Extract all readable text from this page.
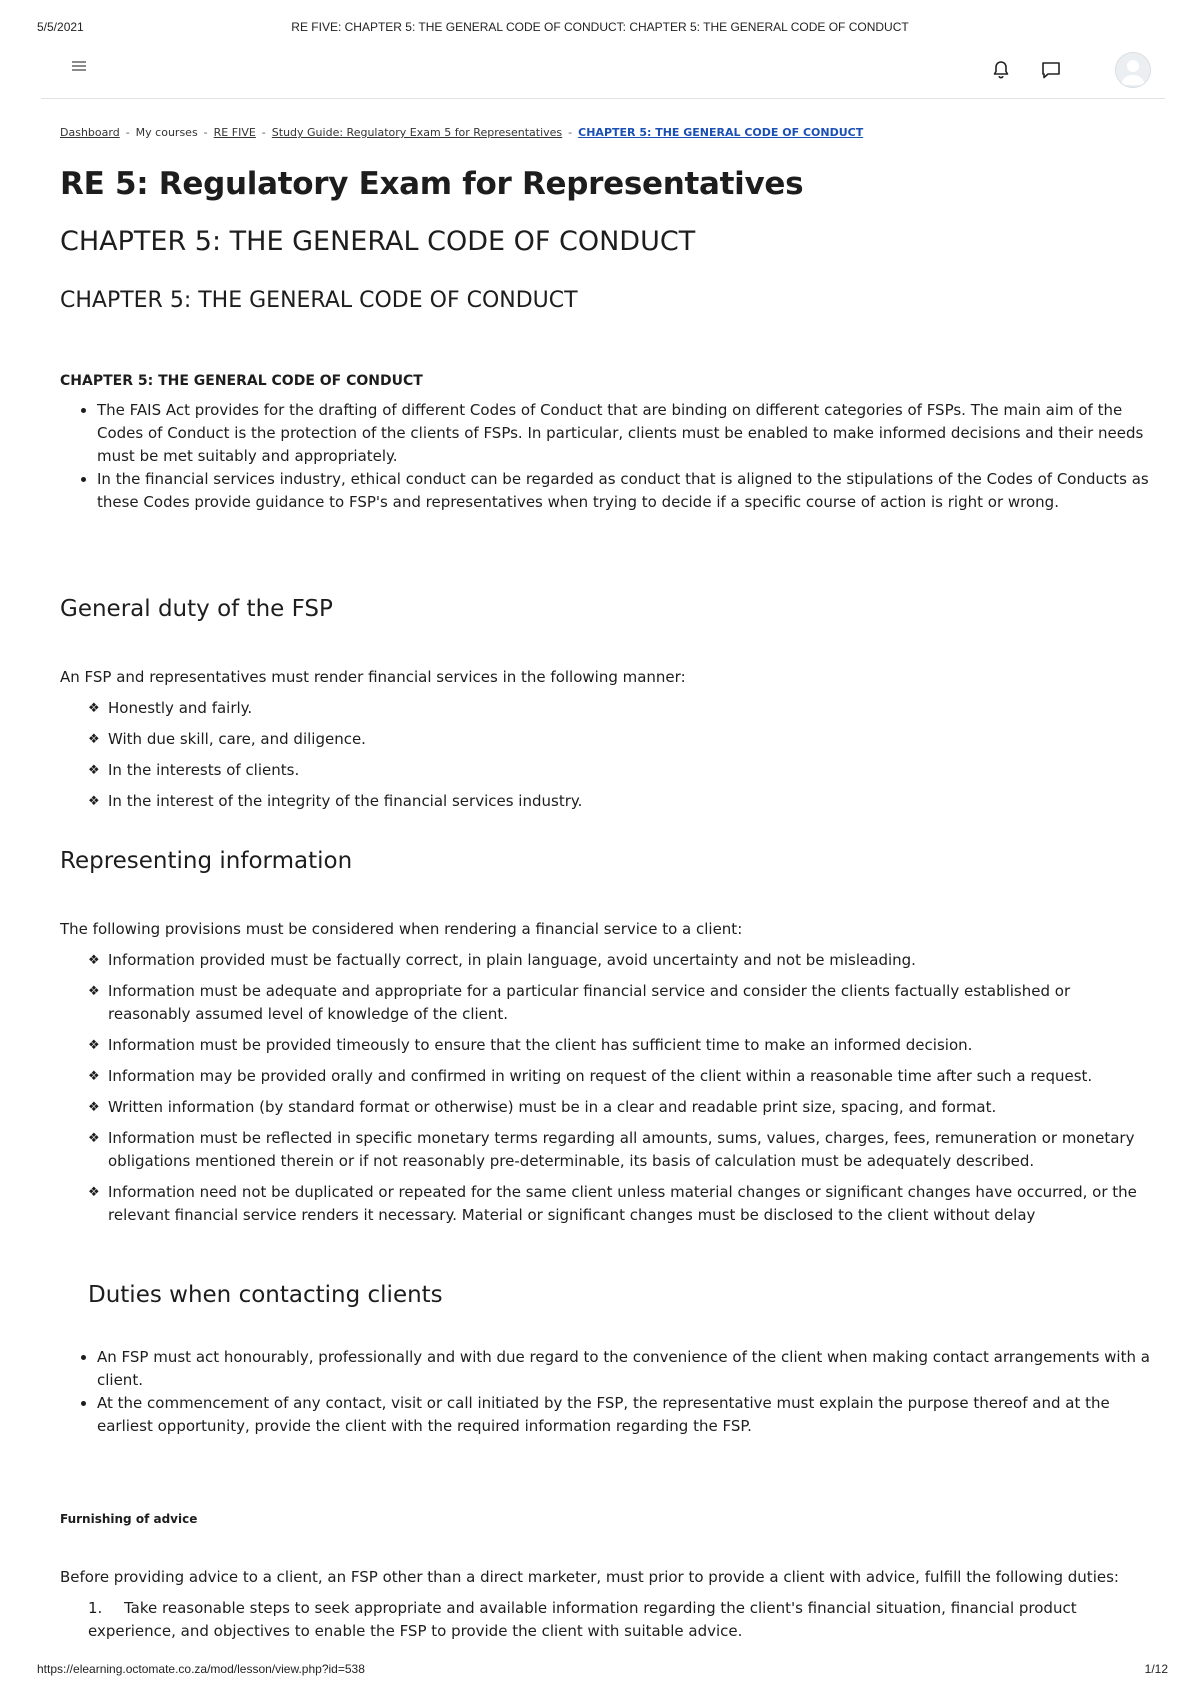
5/5/2021	RE FIVE: CHAPTER 5: THE GENERAL CODE OF CONDUCT: CHAPTER 5: THE GENERAL CODE OF CONDUCT
Dashboard - My courses - RE FIVE - Study Guide: Regulatory Exam 5 for Representatives - CHAPTER 5: THE GENERAL CODE OF CONDUCT
RE 5: Regulatory Exam for Representatives
CHAPTER 5: THE GENERAL CODE OF CONDUCT
CHAPTER 5: THE GENERAL CODE OF CONDUCT
CHAPTER 5: THE GENERAL CODE OF CONDUCT
• The FAIS Act provides for the drafting of different Codes of Conduct that are binding on different categories of FSPs. The main aim of the Codes of Conduct is the protection of the clients of FSPs. In particular, clients must be enabled to make informed decisions and their needs must be met suitably and appropriately.
• In the financial services industry, ethical conduct can be regarded as conduct that is aligned to the stipulations of the Codes of Conducts as these Codes provide guidance to FSP's and representatives when trying to decide if a specific course of action is right or wrong.
General duty of the FSP
An FSP and representatives must render financial services in the following manner:
❖ Honestly and fairly.
❖ With due skill, care, and diligence.
❖ In the interests of clients.
❖ In the interest of the integrity of the financial services industry.
Representing information
The following provisions must be considered when rendering a financial service to a client:
❖ Information provided must be factually correct, in plain language, avoid uncertainty and not be misleading.
❖ Information must be adequate and appropriate for a particular financial service and consider the clients factually established or reasonably assumed level of knowledge of the client.
❖ Information must be provided timeously to ensure that the client has sufficient time to make an informed decision.
❖ Information may be provided orally and confirmed in writing on request of the client within a reasonable time after such a request.
❖ Written information (by standard format or otherwise) must be in a clear and readable print size, spacing, and format.
❖ Information must be reflected in specific monetary terms regarding all amounts, sums, values, charges, fees, remuneration or monetary obligations mentioned therein or if not reasonably pre-determinable, its basis of calculation must be adequately described.
❖ Information need not be duplicated or repeated for the same client unless material changes or significant changes have occurred, or the relevant financial service renders it necessary. Material or significant changes must be disclosed to the client without delay
Duties when contacting clients
• An FSP must act honourably, professionally and with due regard to the convenience of the client when making contact arrangements with a client.
• At the commencement of any contact, visit or call initiated by the FSP, the representative must explain the purpose thereof and at the earliest opportunity, provide the client with the required information regarding the FSP.
Furnishing of advice
Before providing advice to a client, an FSP other than a direct marketer, must prior to provide a client with advice, fulfill the following duties:
1. Take reasonable steps to seek appropriate and available information regarding the client's financial situation, financial product experience, and objectives to enable the FSP to provide the client with suitable advice.
https://elearning.octomate.co.za/mod/lesson/view.php?id=538	1/12
